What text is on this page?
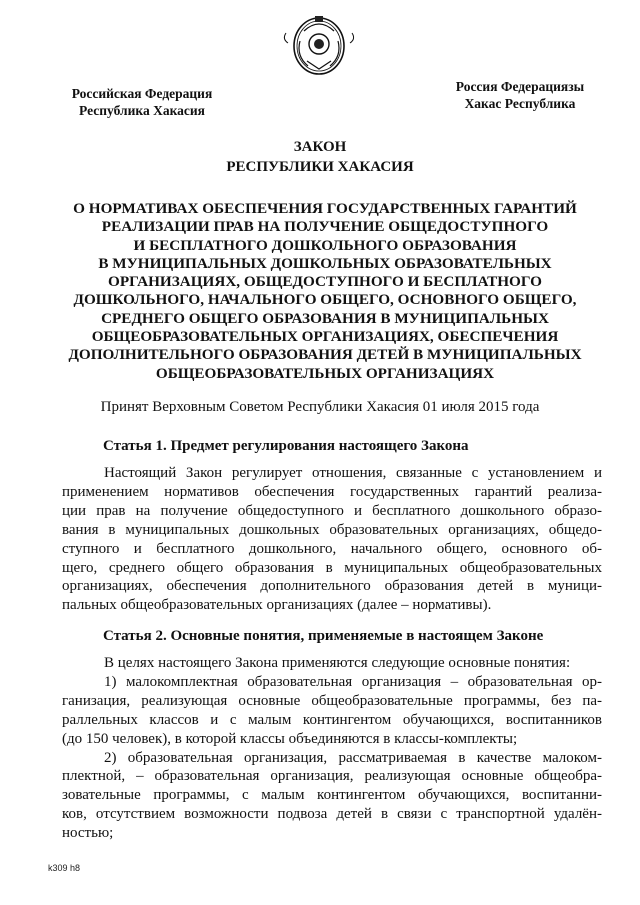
Российская Федерация
Республика Хакасия
Россия Федерациязы
Хакас Республика
ЗАКОН
РЕСПУБЛИКИ ХАКАСИЯ
О НОРМАТИВАХ ОБЕСПЕЧЕНИЯ ГОСУДАРСТВЕННЫХ ГАРАНТИЙ
РЕАЛИЗАЦИИ ПРАВ НА ПОЛУЧЕНИЕ ОБЩЕДОСТУПНОГО
И БЕСПЛАТНОГО ДОШКОЛЬНОГО ОБРАЗОВАНИЯ
В МУНИЦИПАЛЬНЫХ ДОШКОЛЬНЫХ ОБРАЗОВАТЕЛЬНЫХ
ОРГАНИЗАЦИЯХ, ОБЩЕДОСТУПНОГО И БЕСПЛАТНОГО
ДОШКОЛЬНОГО, НАЧАЛЬНОГО ОБЩЕГО, ОСНОВНОГО ОБЩЕГО,
СРЕДНЕГО ОБЩЕГО ОБРАЗОВАНИЯ В МУНИЦИПАЛЬНЫХ
ОБЩЕОБРАЗОВАТЕЛЬНЫХ ОРГАНИЗАЦИЯХ, ОБЕСПЕЧЕНИЯ
ДОПОЛНИТЕЛЬНОГО ОБРАЗОВАНИЯ ДЕТЕЙ В МУНИЦИПАЛЬНЫХ
ОБЩЕОБРАЗОВАТЕЛЬНЫХ ОРГАНИЗАЦИЯХ
Принят Верховным Советом Республики Хакасия 01 июля 2015 года
Статья 1. Предмет регулирования настоящего Закона
Настоящий Закон регулирует отношения, связанные с установлением и
применением нормативов обеспечения государственных гарантий реализа-
ции прав на получение общедоступного и бесплатного дошкольного образо-
вания в муниципальных дошкольных образовательных организациях, общедо-
ступного и бесплатного дошкольного, начального общего, основного об-
щего, среднего общего образования в муниципальных общеобразовательных
организациях, обеспечения дополнительного образования детей в муници-
пальных общеобразовательных организациях (далее – нормативы).
Статья 2. Основные понятия, применяемые в настоящем Законе
В целях настоящего Закона применяются следующие основные понятия:
1) малокомплектная образовательная организация – образовательная ор-
ганизация, реализующая основные общеобразовательные программы, без па-
раллельных классов и с малым контингентом обучающихся, воспитанников
(до 150 человек), в которой классы объединяются в классы-комплекты;
2) образовательная организация, рассматриваемая в качестве малоком-
плектной, – образовательная организация, реализующая основные общеобра-
зовательные программы, с малым контингентом обучающихся, воспитанни-
ков, отсутствием возможности подвоза детей в связи с транспортной удалён-
ностью;
k309 h8
